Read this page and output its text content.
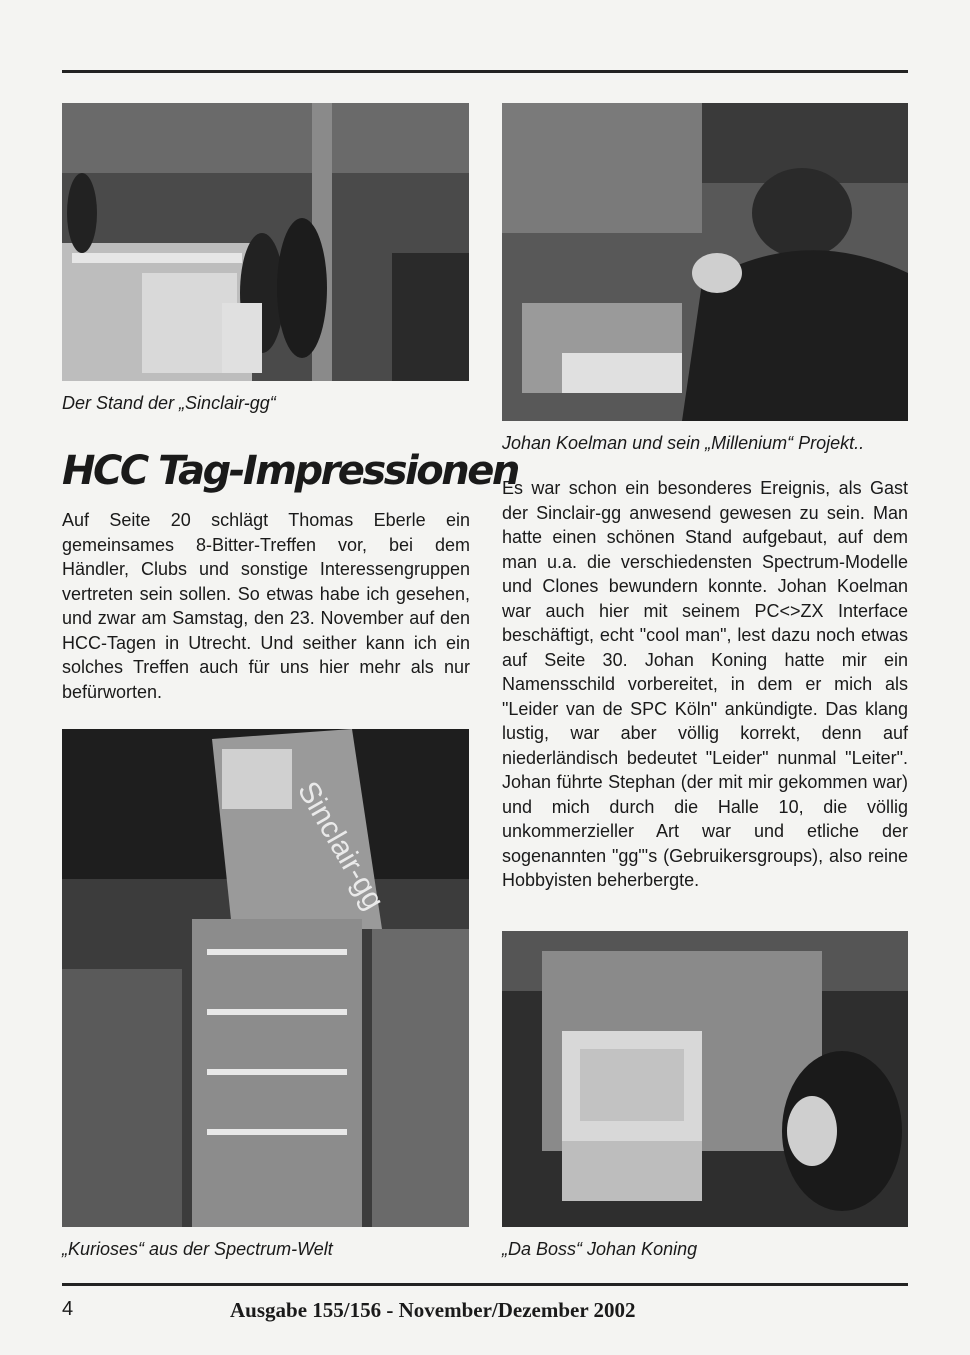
Der Stand der „Sinclair-gg“
Johan Koelman und sein „Millenium“ Projekt..
HCC Tag-Impressionen

Auf Seite 20 schlägt Thomas Eberle ein gemeinsames 8-Bitter-Treffen vor, bei dem Händler, Clubs und sonstige Interessengruppen vertreten sein sollen. So etwas habe ich gesehen, und zwar am Samstag, den 23. November auf den HCC-Tagen in Utrecht. Und seither kann ich ein solches Treffen auch für uns hier mehr als nur befürworten.

Sinclair-gg
„Kurioses“ aus der Spectrum-Welt

Es war schon ein besonderes Ereignis, als Gast der Sinclair-gg anwesend gewesen zu sein. Man hatte einen schönen Stand aufgebaut, auf dem man u.a. die verschiedensten Spectrum-Modelle und Clones bewundern konnte. Johan Koelman war auch hier mit seinem PC<>ZX Interface beschäftigt, echt "cool man", lest dazu noch etwas auf Seite 30. Johan Koning hatte mir ein Namensschild vorbereitet, in dem er mich als "Leider van de SPC Köln" ankündigte. Das klang lustig, war aber völlig korrekt, denn auf niederländisch bedeutet "Leider" nunmal "Leiter". Johan führte Stephan (der mit mir gekommen war) und mich durch die Halle 10, die völlig unkommerzieller Art war und etliche der sogenannten "gg"'s (Gebruikersgroups), also reine Hobbyisten beherbergte.

„Da Boss“ Johan Koning
4	Ausgabe 155/156 - November/Dezember 2002
